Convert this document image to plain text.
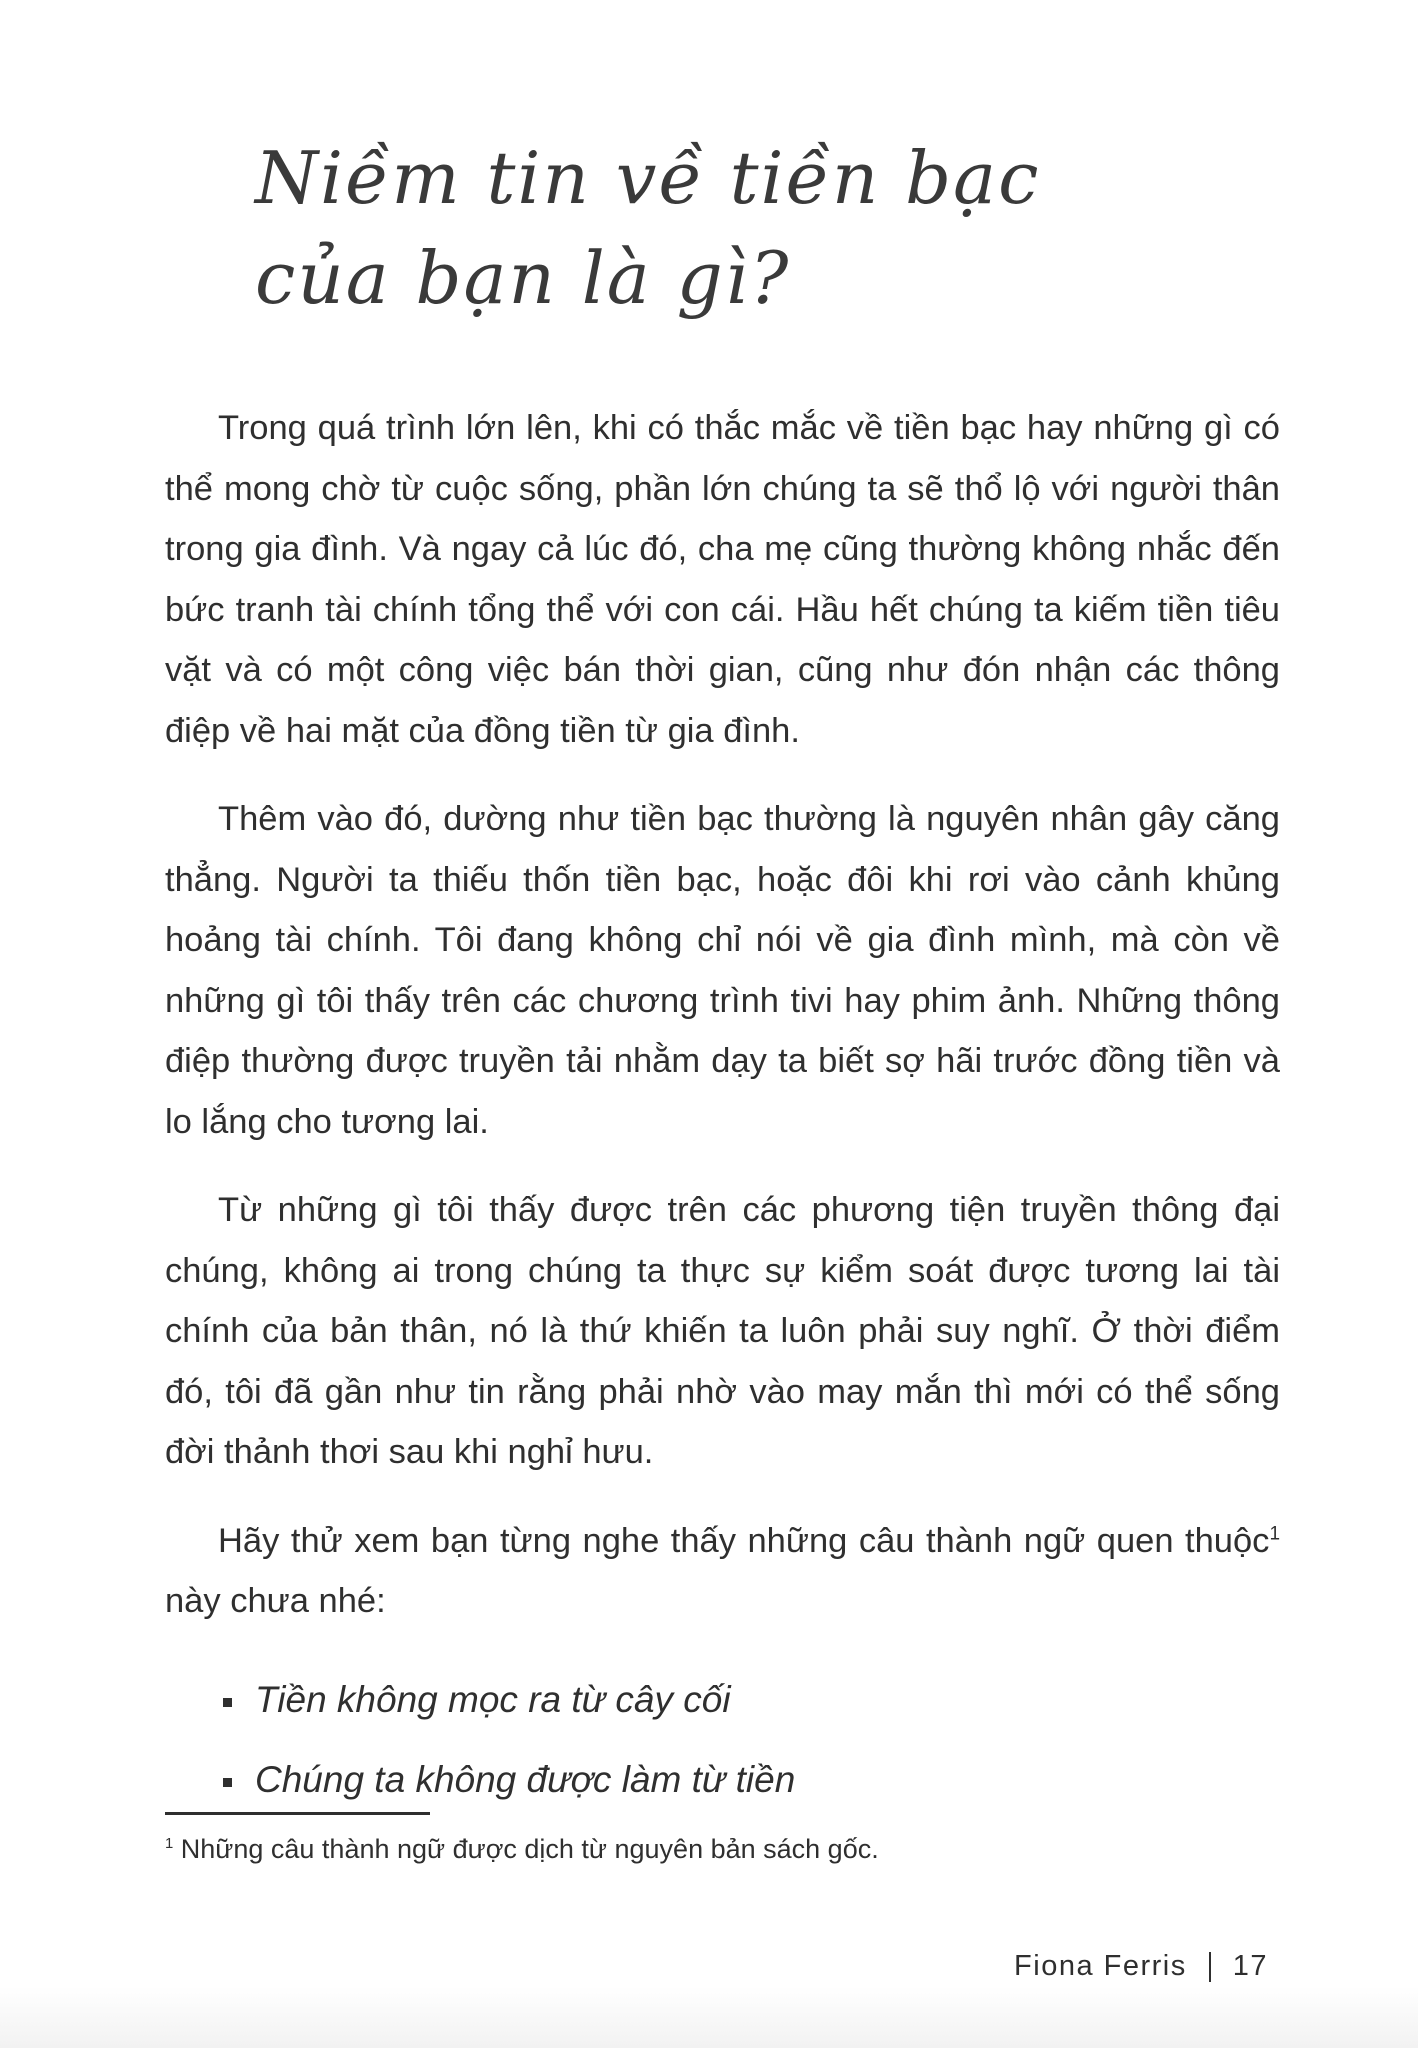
Niềm tin về tiền bạc
của bạn là gì?

Trong quá trình lớn lên, khi có thắc mắc về tiền bạc hay những gì có thể mong chờ từ cuộc sống, phần lớn chúng ta sẽ thổ lộ với người thân trong gia đình. Và ngay cả lúc đó, cha mẹ cũng thường không nhắc đến bức tranh tài chính tổng thể với con cái. Hầu hết chúng ta kiếm tiền tiêu vặt và có một công việc bán thời gian, cũng như đón nhận các thông điệp về hai mặt của đồng tiền từ gia đình.

Thêm vào đó, dường như tiền bạc thường là nguyên nhân gây căng thẳng. Người ta thiếu thốn tiền bạc, hoặc đôi khi rơi vào cảnh khủng hoảng tài chính. Tôi đang không chỉ nói về gia đình mình, mà còn về những gì tôi thấy trên các chương trình tivi hay phim ảnh. Những thông điệp thường được truyền tải nhằm dạy ta biết sợ hãi trước đồng tiền và lo lắng cho tương lai.

Từ những gì tôi thấy được trên các phương tiện truyền thông đại chúng, không ai trong chúng ta thực sự kiểm soát được tương lai tài chính của bản thân, nó là thứ khiến ta luôn phải suy nghĩ. Ở thời điểm đó, tôi đã gần như tin rằng phải nhờ vào may mắn thì mới có thể sống đời thảnh thơi sau khi nghỉ hưu.

Hãy thử xem bạn từng nghe thấy những câu thành ngữ quen thuộc$^1$ này chưa nhé:

Tiền không mọc ra từ cây cối
Chúng ta không được làm từ tiền
$^1$ Những câu thành ngữ được dịch từ nguyên bản sách gốc.
Fiona Ferris 17
